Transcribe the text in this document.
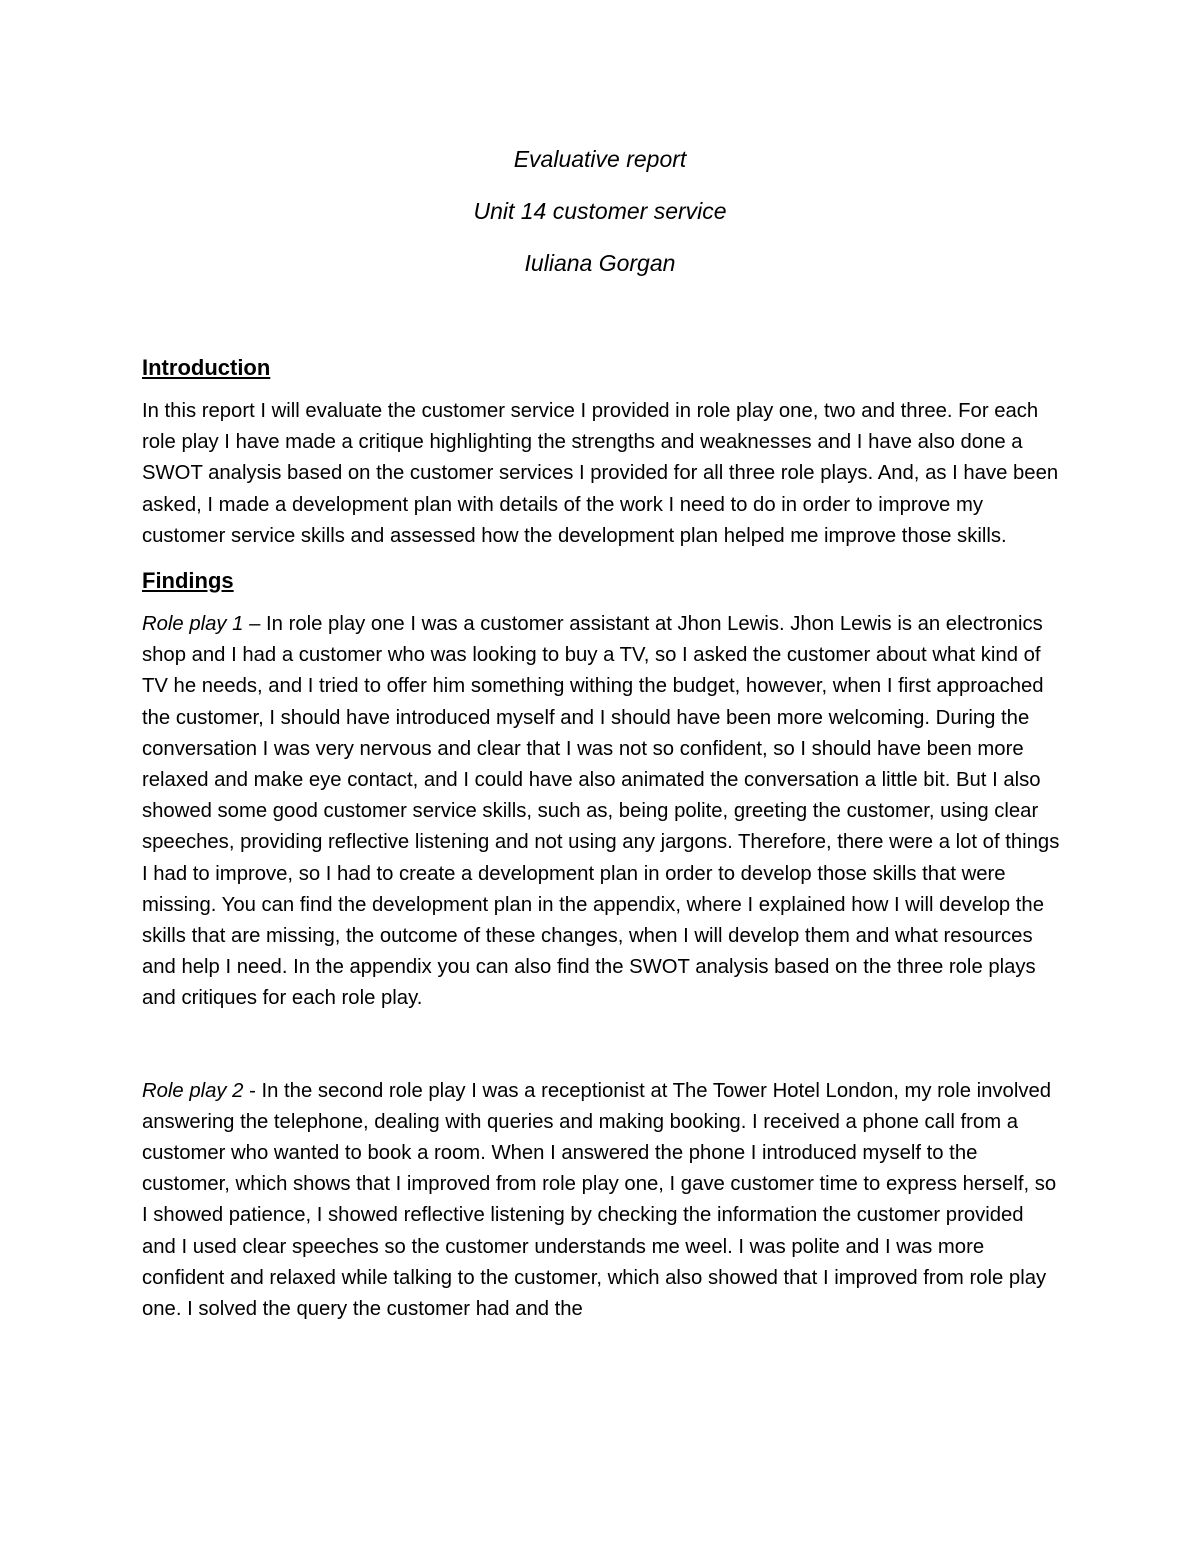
Evaluative report
Unit 14 customer service
Iuliana Gorgan
Introduction

In this report I will evaluate the customer service I provided in role play one, two and three. For each role play I have made a critique highlighting the strengths and weaknesses and I have also done a SWOT analysis based on the customer services I provided for all three role plays. And, as I have been asked, I made a development plan with details of the work I need to do in order to improve my customer service skills and assessed how the development plan helped me improve those skills.

Findings

Role play 1 – In role play one I was a customer assistant at Jhon Lewis. Jhon Lewis is an electronics shop and I had a customer who was looking to buy a TV, so I asked the customer about what kind of TV he needs, and I tried to offer him something withing the budget, however, when I first approached the customer, I should have introduced myself and I should have been more welcoming. During the conversation I was very nervous and clear that I was not so confident, so I should have been more relaxed and make eye contact, and I could have also animated the conversation a little bit. But I also showed some good customer service skills, such as, being polite, greeting the customer, using clear speeches, providing reflective listening and not using any jargons. Therefore, there were a lot of things I had to improve, so I had to create a development plan in order to develop those skills that were missing. You can find the development plan in the appendix, where I explained how I will develop the skills that are missing, the outcome of these changes, when I will develop them and what resources and help I need. In the appendix you can also find the SWOT analysis based on the three role plays and critiques for each role play.

Role play 2 - In the second role play I was a receptionist at The Tower Hotel London, my role involved answering the telephone, dealing with queries and making booking. I received a phone call from a customer who wanted to book a room. When I answered the phone I introduced myself to the customer, which shows that I improved from role play one, I gave customer time to express herself, so I showed patience, I showed reflective listening by checking the information the customer provided and I used clear speeches so the customer understands me weel. I was polite and I was more confident and relaxed while talking to the customer, which also showed that I improved from role play one. I solved the query the customer had and the
